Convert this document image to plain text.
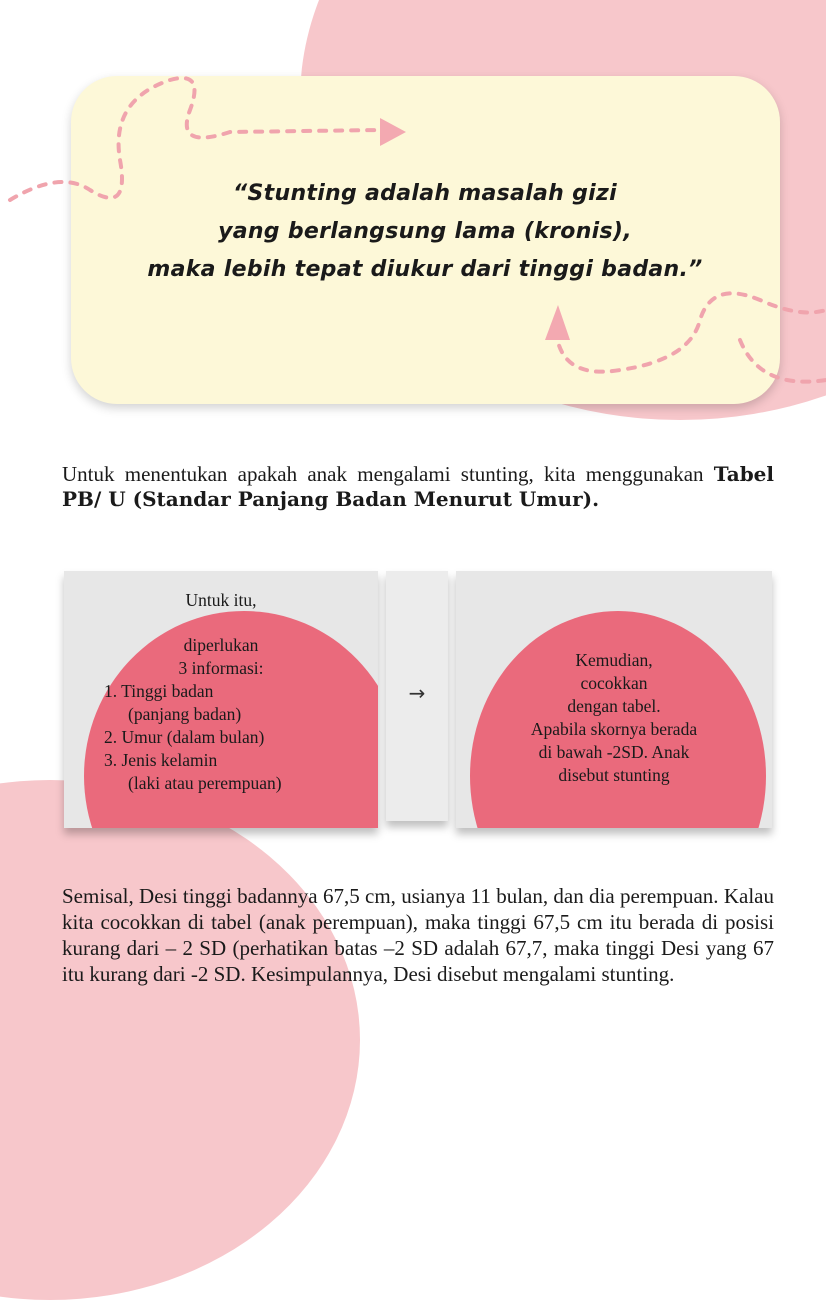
“Stunting adalah masalah gizi
yang berlangsung lama (kronis),
maka lebih tepat diukur dari tinggi badan.”
Untuk menentukan apakah anak mengalami stunting, kita menggunakan Tabel PB/ U (Standar Panjang Badan Menurut Umur).
Untuk itu,
diperlukan
3 informasi:
1. Tinggi badan
(panjang badan)
2. Umur (dalam bulan)
3. Jenis kelamin
(laki atau perempuan)
→
Kemudian,
cocokkan
dengan tabel.
Apabila skornya berada
di bawah -2SD. Anak
disebut stunting
Semisal, Desi tinggi badannya 67,5 cm, usianya 11 bulan, dan dia perempuan. Kalau kita cocokkan di tabel (anak perempuan), maka tinggi 67,5 cm itu berada di posisi kurang dari – 2 SD (perhatikan batas –2 SD adalah 67,7, maka tinggi Desi yang 67 itu kurang dari -2 SD. Kesimpulannya, Desi disebut mengalami stunting.
